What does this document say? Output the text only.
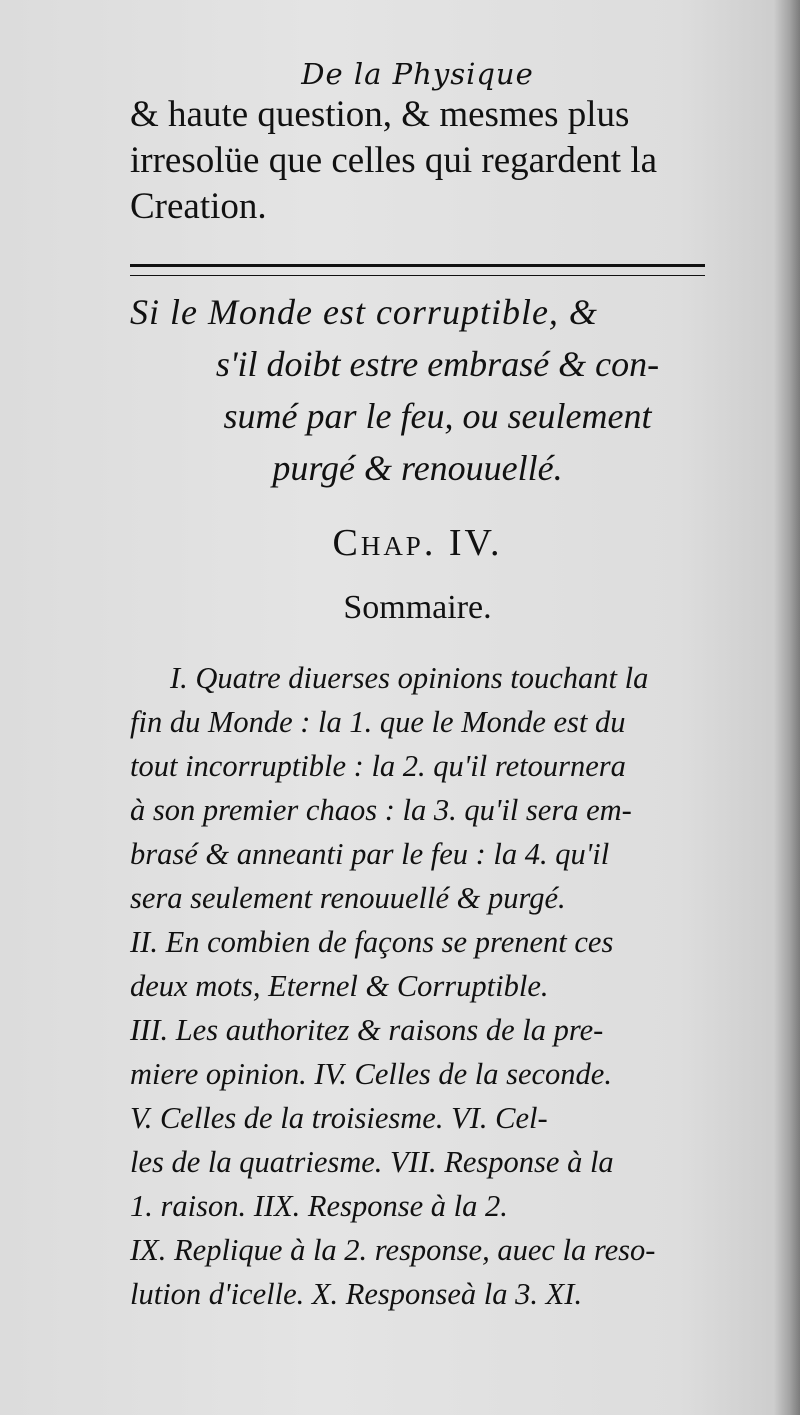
De la Physique

& haute question, & mesmes plus

irresolüe que celles qui regardent la

Creation.

Si le Monde est corruptible, &

s'il doibt estre embrasé & con-

sumé par le feu, ou seulement

purgé & renouuellé.

Chap. IV.

Sommaire.

I. Quatre diuerses opinions touchant la

fin du Monde : la 1. que le Monde est du

tout incorruptible : la 2. qu'il retournera

à son premier chaos : la 3. qu'il sera em-

brasé & anneanti par le feu : la 4. qu'il

sera seulement renouuellé & purgé.

II. En combien de façons se prenent ces

deux mots, Eternel & Corruptible.

III. Les authoritez & raisons de la pre-

miere opinion. IV. Celles de la seconde.

V. Celles de la troisiesme. VI. Cel-

les de la quatriesme. VII. Response à la

1. raison. IIX. Response à la 2.

IX. Replique à la 2. response, auec la reso-

lution d'icelle. X. Responseà la 3. XI.
